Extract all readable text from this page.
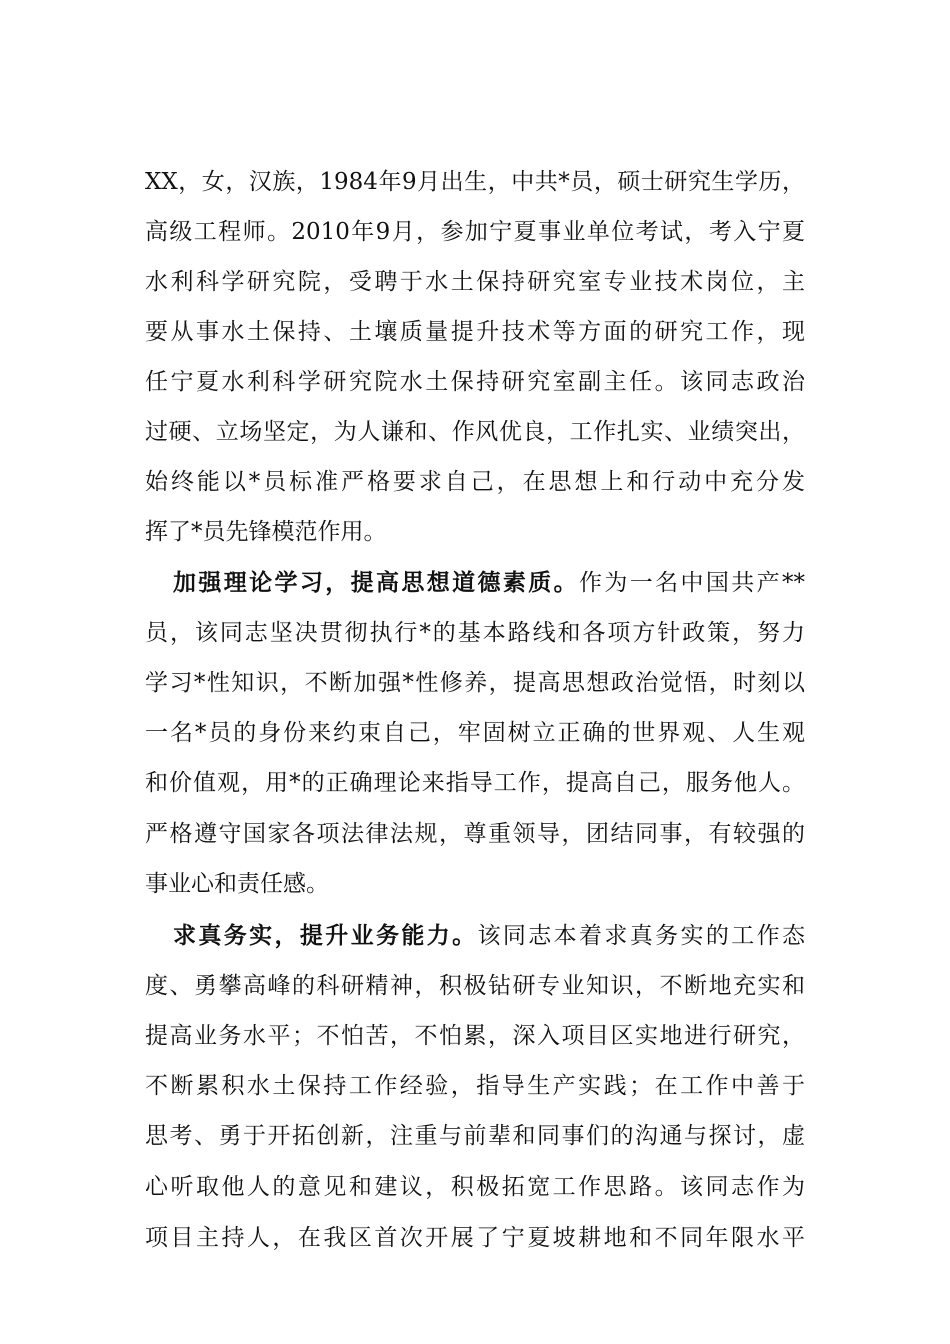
XX，女，汉族，1984年9月出生，中共*员，硕士研究生学历，
高级工程师。2010年9月，参加宁夏事业单位考试，考入宁夏
水利科学研究院，受聘于水土保持研究室专业技术岗位，主
要从事水土保持、土壤质量提升技术等方面的研究工作，现
任宁夏水利科学研究院水土保持研究室副主任。该同志政治
过硬、立场坚定，为人谦和、作风优良，工作扎实、业绩突出，
始终能以*员标准严格要求自己，在思想上和行动中充分发
挥了*员先锋模范作用。
加强理论学习，提高思想道德素质。作为一名中国共产**
员，该同志坚决贯彻执行*的基本路线和各项方针政策，努力
学习*性知识，不断加强*性修养，提高思想政治觉悟，时刻以
一名*员的身份来约束自己，牢固树立正确的世界观、人生观
和价值观，用*的正确理论来指导工作，提高自己，服务他人。
严格遵守国家各项法律法规，尊重领导，团结同事，有较强的
事业心和责任感。
求真务实，提升业务能力。该同志本着求真务实的工作态
度、勇攀高峰的科研精神，积极钻研专业知识，不断地充实和
提高业务水平；不怕苦，不怕累，深入项目区实地进行研究，
不断累积水土保持工作经验，指导生产实践；在工作中善于
思考、勇于开拓创新，注重与前辈和同事们的沟通与探讨，虚
心听取他人的意见和建议，积极拓宽工作思路。该同志作为
项目主持人，在我区首次开展了宁夏坡耕地和不同年限水平
